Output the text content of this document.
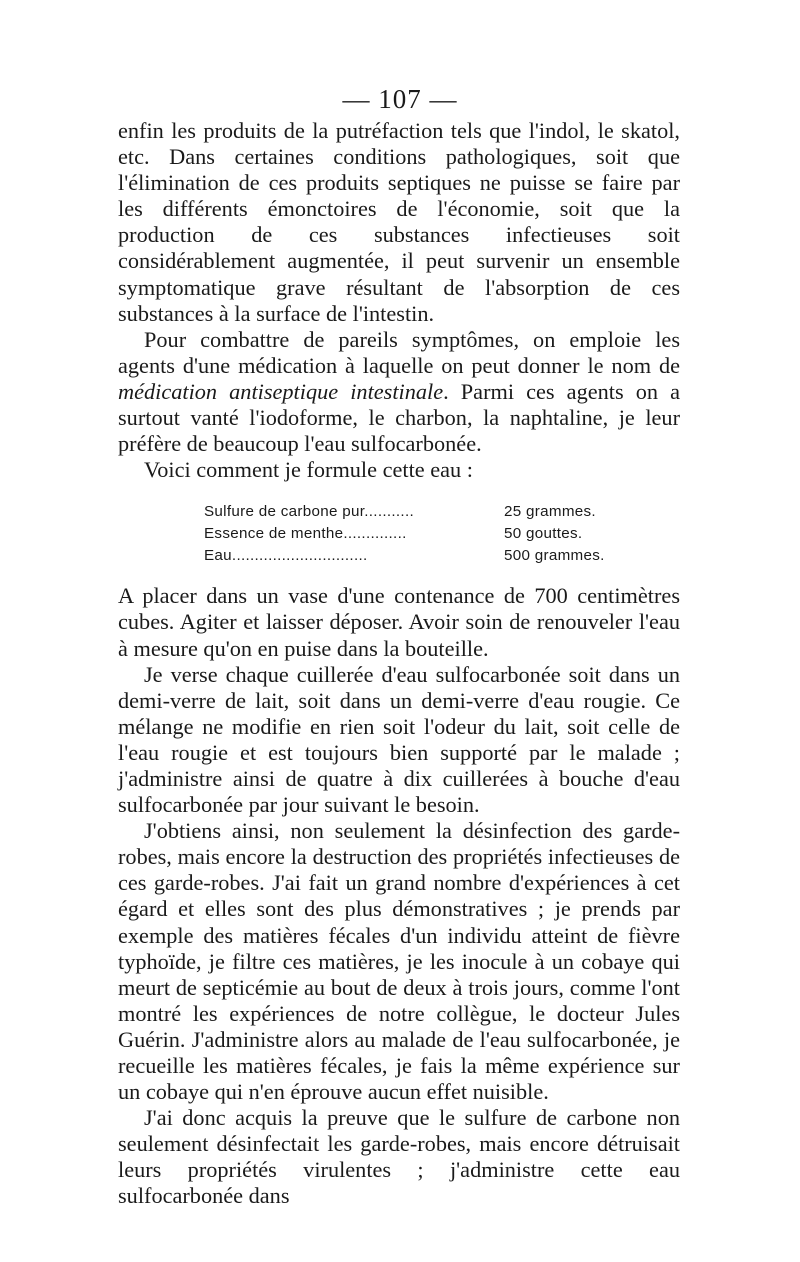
— 107 —

enfin les produits de la putréfaction tels que l'indol, le skatol, etc. Dans certaines conditions pathologiques, soit que l'élimination de ces produits septiques ne puisse se faire par les différents émonctoires de l'économie, soit que la production de ces substances infectieuses soit considérablement augmentée, il peut survenir un ensemble symptomatique grave résultant de l'absorption de ces substances à la surface de l'intestin.

Pour combattre de pareils symptômes, on emploie les agents d'une médication à laquelle on peut donner le nom de médication antiseptique intestinale. Parmi ces agents on a surtout vanté l'iodoforme, le charbon, la naphtaline, je leur préfère de beaucoup l'eau sulfocarbonée.

Voici comment je formule cette eau :

Sulfure de carbone pur...........	25 grammes.
Essence de menthe..............	50 gouttes.
Eau..............................	500 grammes.

A placer dans un vase d'une contenance de 700 centimètres cubes. Agiter et laisser déposer. Avoir soin de renouveler l'eau à mesure qu'on en puise dans la bouteille.

Je verse chaque cuillerée d'eau sulfocarbonée soit dans un demi-verre de lait, soit dans un demi-verre d'eau rougie. Ce mélange ne modifie en rien soit l'odeur du lait, soit celle de l'eau rougie et est toujours bien supporté par le malade ; j'administre ainsi de quatre à dix cuillerées à bouche d'eau sulfocarbonée par jour suivant le besoin.

J'obtiens ainsi, non seulement la désinfection des garde-robes, mais encore la destruction des propriétés infectieuses de ces garde-robes. J'ai fait un grand nombre d'expériences à cet égard et elles sont des plus démonstratives ; je prends par exemple des matières fécales d'un individu atteint de fièvre typhoïde, je filtre ces matières, je les inocule à un cobaye qui meurt de septicémie au bout de deux à trois jours, comme l'ont montré les expériences de notre collègue, le docteur Jules Guérin. J'administre alors au malade de l'eau sulfocarbonée, je recueille les matières fécales, je fais la même expérience sur un cobaye qui n'en éprouve aucun effet nuisible.

J'ai donc acquis la preuve que le sulfure de carbone non seulement désinfectait les garde-robes, mais encore détruisait leurs propriétés virulentes ; j'administre cette eau sulfocarbonée dans
